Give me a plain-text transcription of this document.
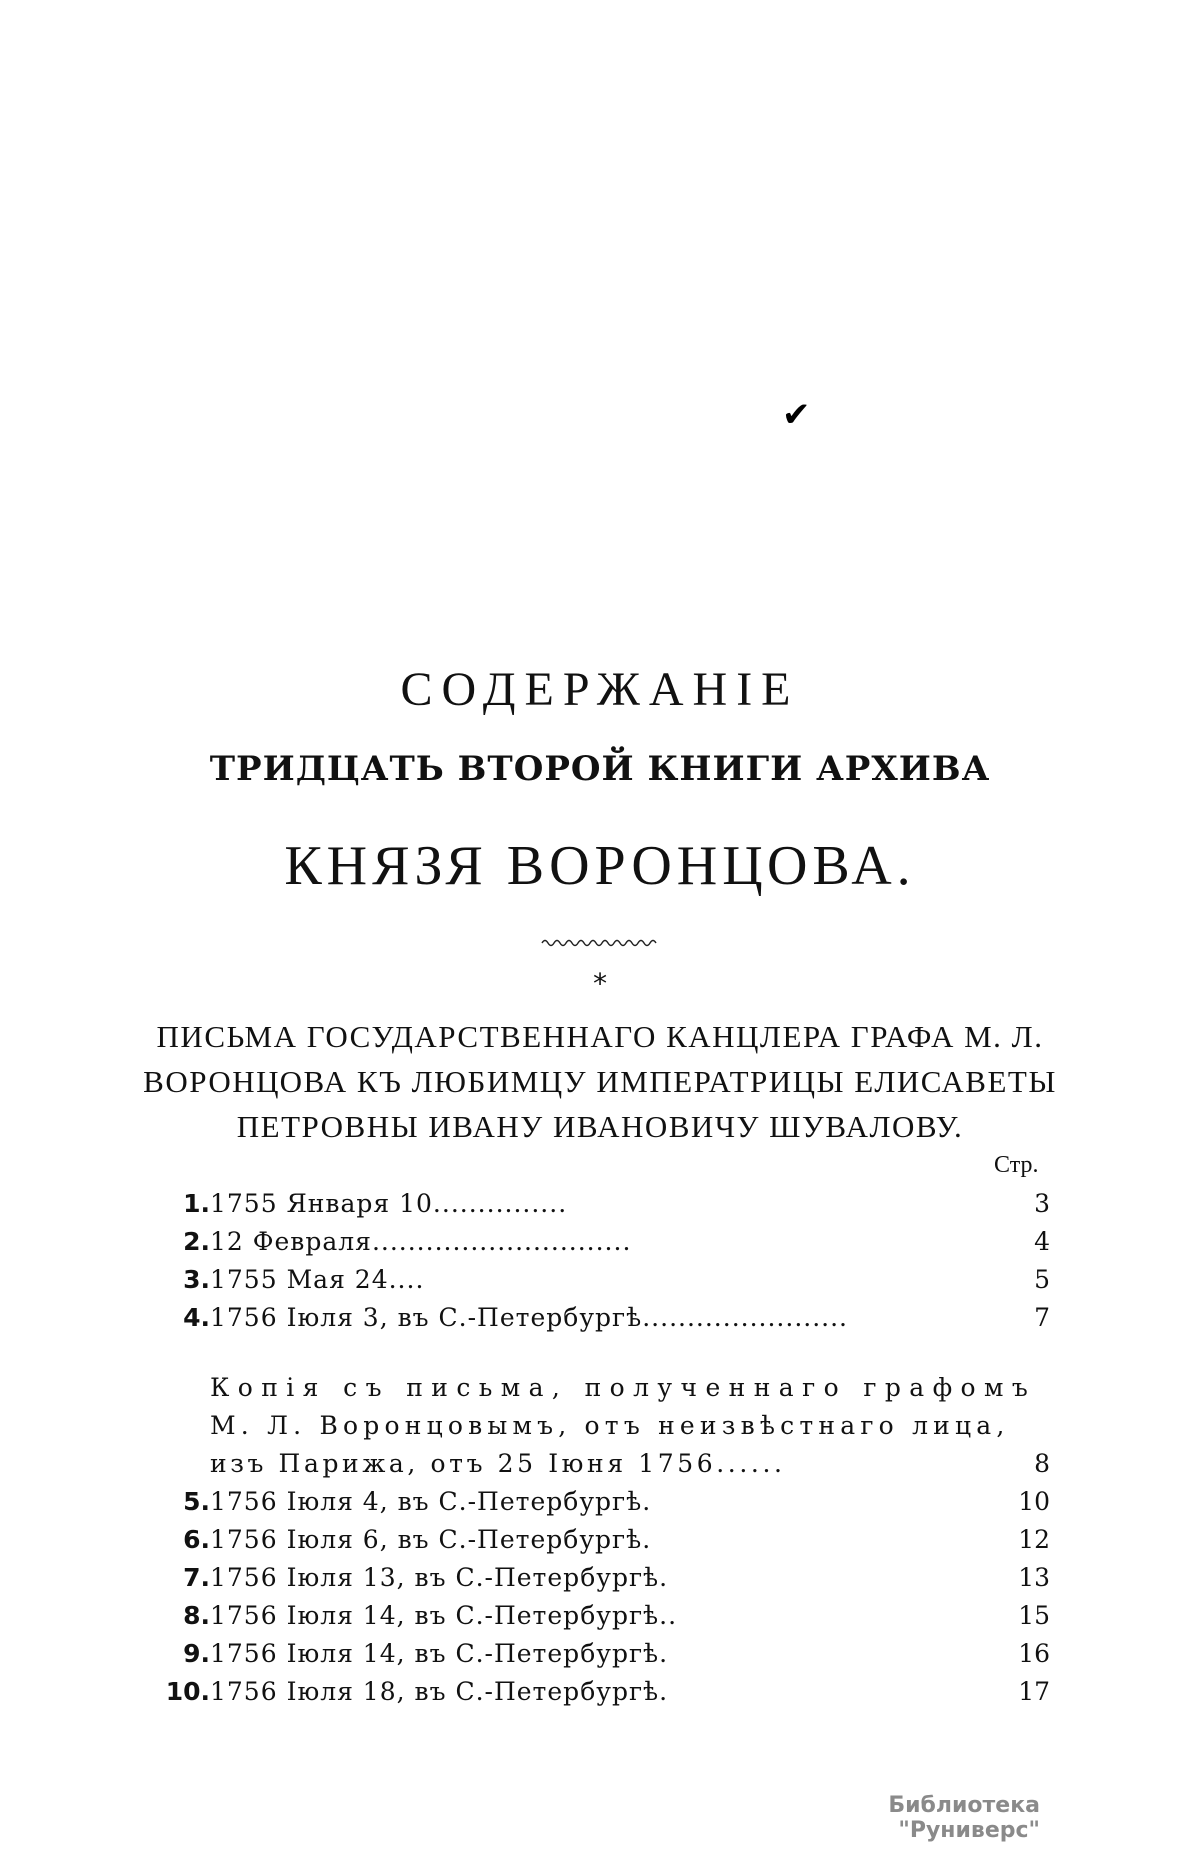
✔
СОДЕРЖАНІЕ
ТРИДЦАТЬ ВТОРОЙ КНИГИ АРХИВА
КНЯЗЯ ВОРОНЦОВА.
*
ПИСЬМА ГОСУДАРСТВЕННАГО КАНЦЛЕРА ГРАФА М. Л.
ВОРОНЦОВА КЪ ЛЮБИМЦУ ИМПЕРАТРИЦЫ ЕЛИСАВЕТЫ
ПЕТРОВНЫ ИВАНУ ИВАНОВИЧУ ШУВАЛОВУ.
Стр.
1. 1755 Января 10...............	3
2. 12 Февраля.............................	4
3. 1755 Мая 24....	5
4. 1756 Іюля 3, въ С.-Петербургѣ.......................	7
Копія съ письма, полученнаго графомъ
М. Л. Воронцовымъ, отъ неизвѣстнаго лица,
изъ Парижа, отъ 25 Іюня 1756......	8
5. 1756 Іюля 4, въ С.-Петербургѣ.	10
6. 1756 Іюля 6, въ С.-Петербургѣ.	12
7. 1756 Іюля 13, въ С.-Петербургѣ.	13
8. 1756 Іюля 14, въ С.-Петербургѣ..	15
9. 1756 Іюля 14, въ С.-Петербургѣ.	16
10. 1756 Іюля 18, въ С.-Петербургѣ.	17
Библиотека "Руниверс"
